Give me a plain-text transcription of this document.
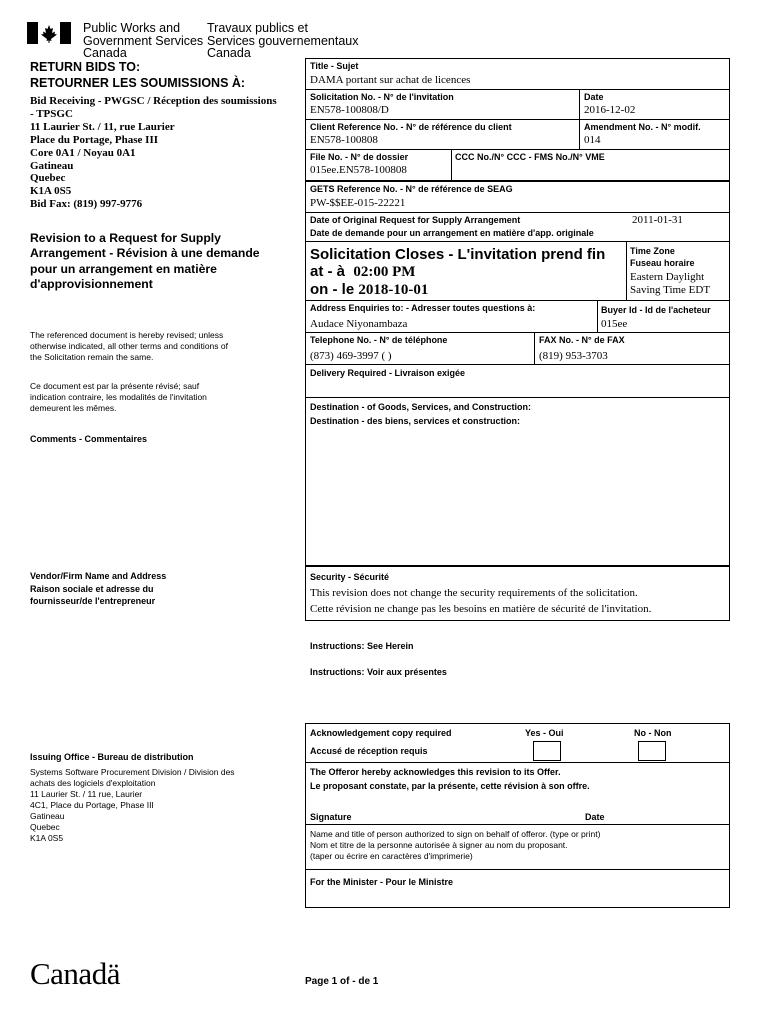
Public Works and
Government Services
Canada
Travaux publics et
Services gouvernementaux
Canada
RETURN BIDS TO:
RETOURNER LES SOUMISSIONS À:
Bid Receiving - PWGSC / Réception des soumissions
- TPSGC
11 Laurier St. / 11, rue Laurier
Place du Portage, Phase III
Core 0A1 / Noyau 0A1
Gatineau
Quebec
K1A 0S5
Bid Fax: (819) 997-9776
Revision to a Request for Supply
Arrangement - Révision à une demande
pour un arrangement en matière
d'approvisionnement
The referenced document is hereby revised; unless
otherwise indicated, all other terms and conditions of
the Solicitation remain the same.
Ce document est par la présente révisé; sauf
indication contraire, les modalités de l'invitation
demeurent les mêmes.
Comments - Commentaires
Vendor/Firm Name and Address
Raison sociale et adresse du
fournisseur/de l'entrepreneur
Issuing Office - Bureau de distribution
Systems Software Procurement Division / Division des
achats des logiciels d'exploitation
11 Laurier St. / 11 rue, Laurier
4C1, Place du Portage, Phase III
Gatineau
Quebec
K1A 0S5
Title - Sujet
DAMA portant sur achat de licences
Solicitation No. - N° de l'invitation
EN578-100808/D
Date
2016-12-02
Client Reference No. - N° de référence du client
EN578-100808
Amendment No. - N° modif.
014
File No. - N° de dossier
015ee.EN578-100808
CCC No./N° CCC - FMS No./N° VME
GETS Reference No. - N° de référence de SEAG
PW-$$EE-015-22221
Date of Original Request for Supply Arrangement	2011-01-31
Date de demande pour un arrangement en matière d'app. originale
Solicitation Closes - L'invitation prend fin
at - à 02:00 PM
on - le 2018-10-01
Time Zone
Fuseau horaire
Eastern Daylight
Saving Time EDT
Address Enquiries to: - Adresser toutes questions à:
Audace Niyonambaza
Buyer Id - Id de l'acheteur
015ee
Telephone No. - N° de téléphone
(873) 469-3997 ( )
FAX No. - N° de FAX
(819) 953-3703
Delivery Required - Livraison exigée
Destination - of Goods, Services, and Construction:
Destination - des biens, services et construction:
Security - Sécurité
This revision does not change the security requirements of the solicitation.
Cette révision ne change pas les besoins en matière de sécurité de l'invitation.
Instructions: See Herein
Instructions: Voir aux présentes
Acknowledgement copy required
Accusé de réception requis
Yes - Oui	No - Non
The Offeror hereby acknowledges this revision to its Offer.
Le proposant constate, par la présente, cette révision à son offre.
Signature	Date
Name and title of person authorized to sign on behalf of offeror. (type or print)
Nom et titre de la personne autorisée à signer au nom du proposant.
(taper ou écrire en caractères d'imprimerie)
For the Minister - Pour le Ministre
Canadä	Page 1 of - de 1
